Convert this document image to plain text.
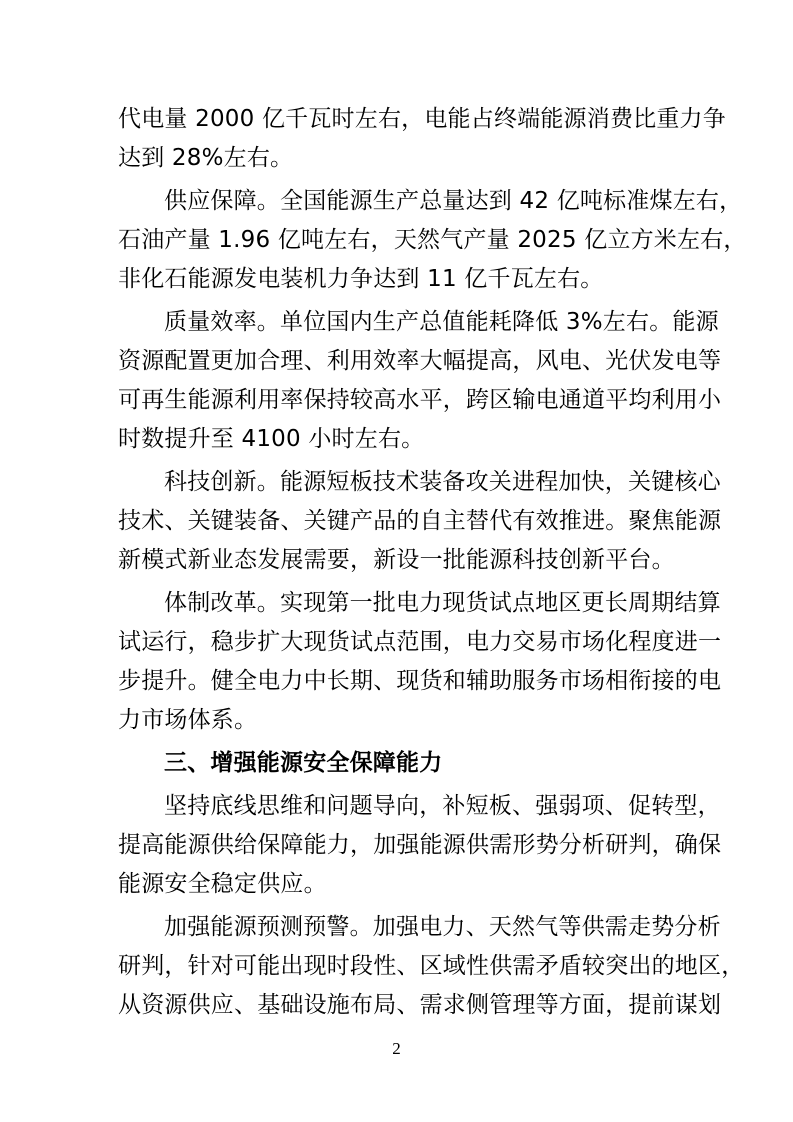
代电量 2000 亿千瓦时左右，电能占终端能源消费比重力争
达到 28%左右。
供应保障。全国能源生产总量达到 42 亿吨标准煤左右，
石油产量 1.96 亿吨左右，天然气产量 2025 亿立方米左右，
非化石能源发电装机力争达到 11 亿千瓦左右。
质量效率。单位国内生产总值能耗降低 3%左右。能源
资源配置更加合理、利用效率大幅提高，风电、光伏发电等
可再生能源利用率保持较高水平，跨区输电通道平均利用小
时数提升至 4100 小时左右。
科技创新。能源短板技术装备攻关进程加快，关键核心
技术、关键装备、关键产品的自主替代有效推进。聚焦能源
新模式新业态发展需要，新设一批能源科技创新平台。
体制改革。实现第一批电力现货试点地区更长周期结算
试运行，稳步扩大现货试点范围，电力交易市场化程度进一
步提升。健全电力中长期、现货和辅助服务市场相衔接的电
力市场体系。
三、增强能源安全保障能力
坚持底线思维和问题导向，补短板、强弱项、促转型，
提高能源供给保障能力，加强能源供需形势分析研判，确保
能源安全稳定供应。
加强能源预测预警。加强电力、天然气等供需走势分析
研判，针对可能出现时段性、区域性供需矛盾较突出的地区，
从资源供应、基础设施布局、需求侧管理等方面，提前谋划
2
